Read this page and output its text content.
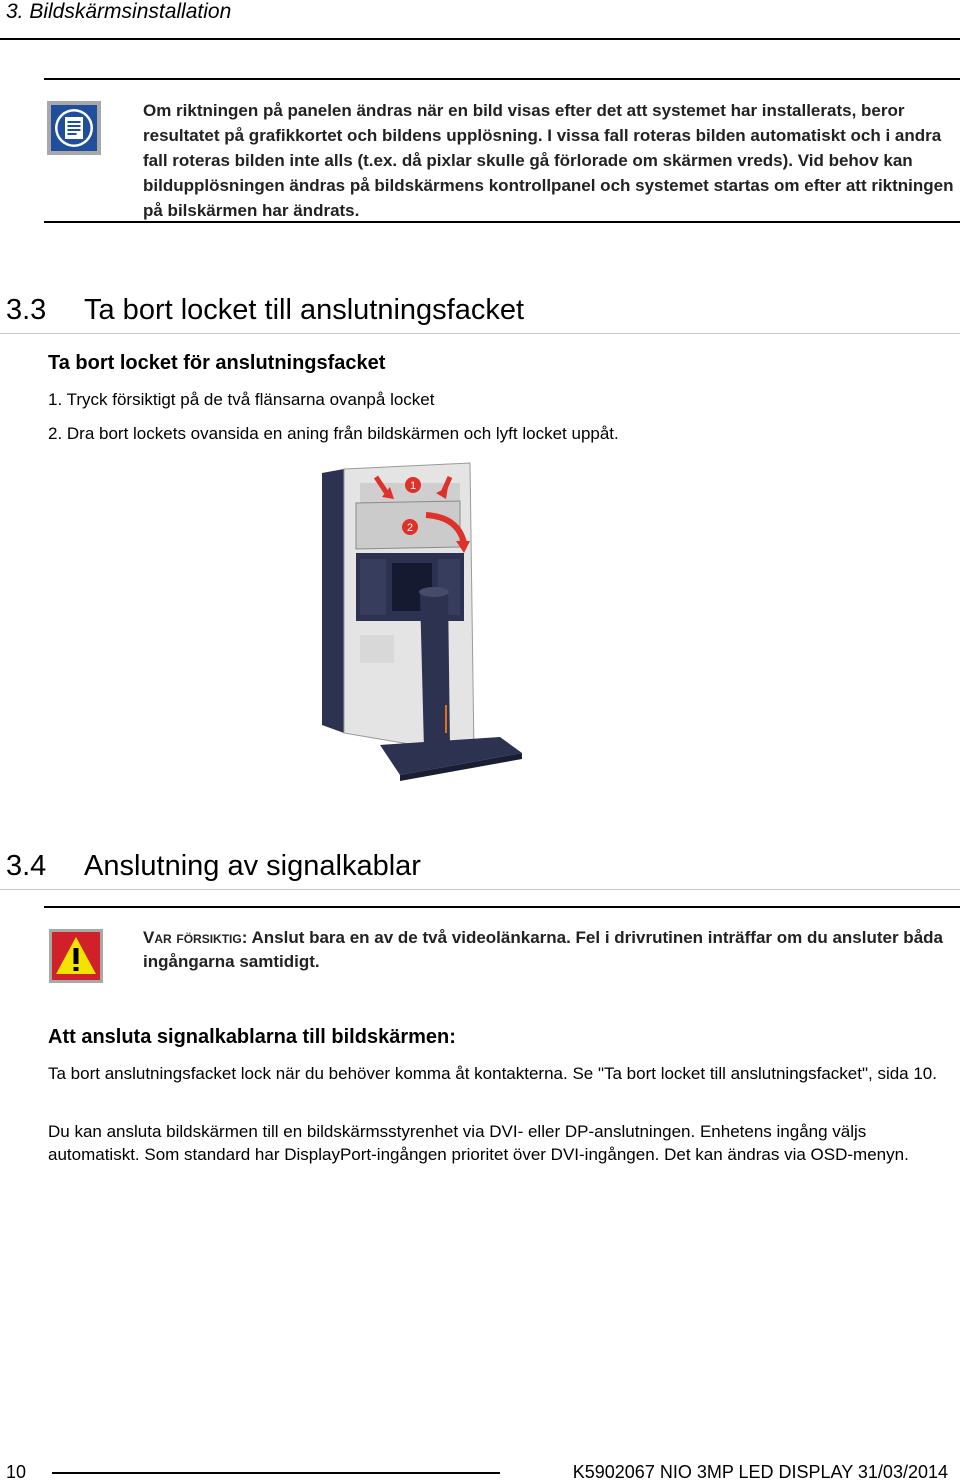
3. Bildskärmsinstallation
Om riktningen på panelen ändras när en bild visas efter det att systemet har installerats, beror resultatet på grafikkortet och bildens upplösning. I vissa fall roteras bilden automatiskt och i andra fall roteras bilden inte alls (t.ex. då pixlar skulle gå förlorade om skärmen vreds). Vid behov kan bildupplösningen ändras på bildskärmens kontrollpanel och systemet startas om efter att riktningen på bilskärmen har ändrats.
3.3 Ta bort locket till anslutningsfacket
Ta bort locket för anslutningsfacket
1. Tryck försiktigt på de två flänsarna ovanpå locket
2. Dra bort lockets ovansida en aning från bildskärmen och lyft locket uppåt.
1
2
3.4 Anslutning av signalkablar
Var försiktig: Anslut bara en av de två videolänkarna. Fel i drivrutinen inträffar om du ansluter båda ingångarna samtidigt.
Att ansluta signalkablarna till bildskärmen:
Ta bort anslutningsfacket lock när du behöver komma åt kontakterna. Se "Ta bort locket till anslutningsfacket", sida 10.
Du kan ansluta bildskärmen till en bildskärmsstyrenhet via DVI- eller DP-anslutningen. Enhetens ingång väljs automatiskt. Som standard har DisplayPort-ingången prioritet över DVI-ingången. Det kan ändras via OSD-menyn.
10	K5902067 NIO 3MP LED DISPLAY 31/03/2014
